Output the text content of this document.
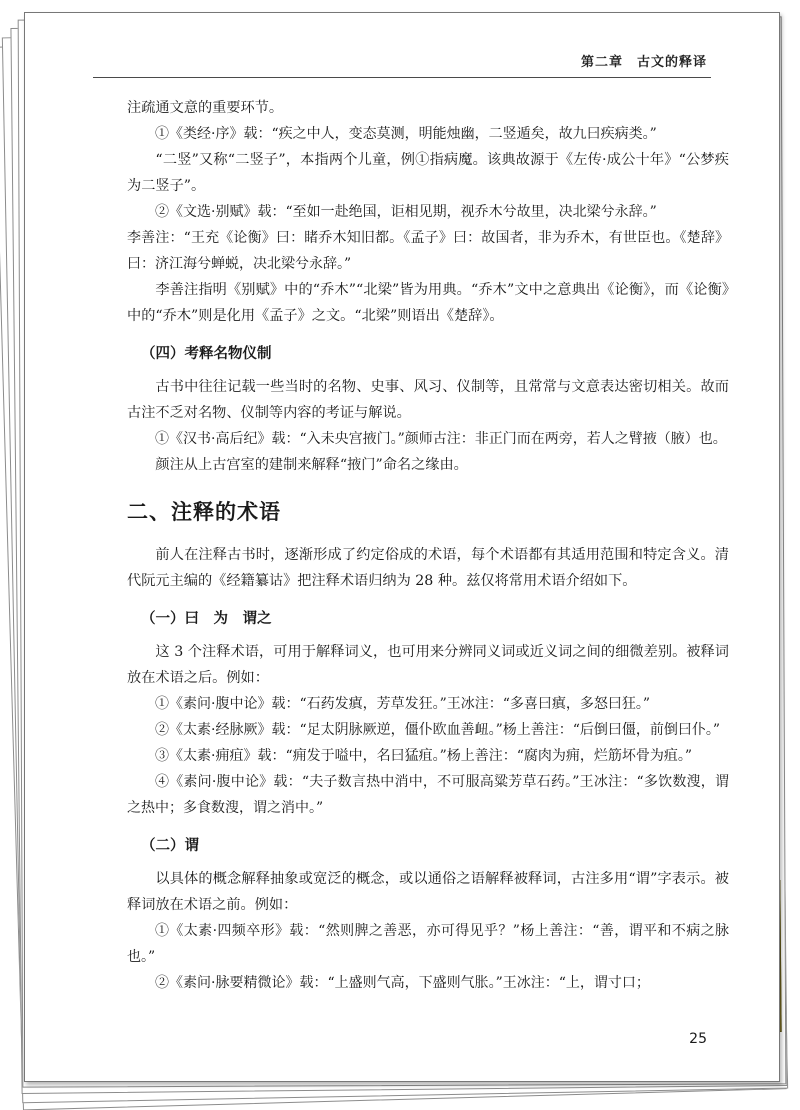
第二章　古文的释译

注疏通文意的重要环节。

①《类经·序》载：“疾之中人，变态莫测，明能烛幽，二竖遁矣，故九曰疾病类。”

“二竖”又称“二竖子”，本指两个儿童，例①指病魔。该典故源于《左传·成公十年》“公梦疾为二竖子”。

②《文选·别赋》载：“至如一赴绝国，讵相见期，视乔木兮故里，决北梁兮永辞。”

李善注：“王充《论衡》曰：睹乔木知旧都。《孟子》曰：故国者，非为乔木，有世臣也。《楚辞》曰：济江海兮蝉蜕，决北梁兮永辞。”

李善注指明《别赋》中的“乔木”“北梁”皆为用典。“乔木”文中之意典出《论衡》，而《论衡》中的“乔木”则是化用《孟子》之文。“北梁”则语出《楚辞》。

（四）考释名物仪制

古书中往往记载一些当时的名物、史事、风习、仪制等，且常常与文意表达密切相关。故而古注不乏对名物、仪制等内容的考证与解说。

①《汉书·高后纪》载：“入未央宫掖门。”颜师古注：非正门而在两旁，若人之臂掖（腋）也。

颜注从上古宫室的建制来解释“掖门”命名之缘由。

二、注释的术语

前人在注释古书时，逐渐形成了约定俗成的术语，每个术语都有其适用范围和特定含义。清代阮元主编的《经籍纂诂》把注释术语归纳为 28 种。兹仅将常用术语介绍如下。

（一）曰　为　谓之

这 3 个注释术语，可用于解释词义，也可用来分辨同义词或近义词之间的细微差别。被释词放在术语之后。例如：

①《素问·腹中论》载：“石药发瘨，芳草发狂。”王冰注：“多喜曰瘨，多怒曰狂。”

②《太素·经脉厥》载：“足太阴脉厥逆，僵仆欧血善衄。”杨上善注：“后倒曰僵，前倒曰仆。”

③《太素·痈疽》载：“痈发于嗌中，名曰猛疽。”杨上善注：“腐肉为痈，烂筋坏骨为疽。”

④《素问·腹中论》载：“夫子数言热中消中，不可服高粱芳草石药。”王冰注：“多饮数溲，谓之热中；多食数溲，谓之消中。”

（二）谓

以具体的概念解释抽象或宽泛的概念，或以通俗之语解释被释词，古注多用“谓”字表示。被释词放在术语之前。例如：

①《太素·四频卒形》载：“然则脾之善恶，亦可得见乎？”杨上善注：“善，谓平和不病之脉也。”

②《素问·脉要精微论》载：“上盛则气高，下盛则气胀。”王冰注：“上，谓寸口；

25
